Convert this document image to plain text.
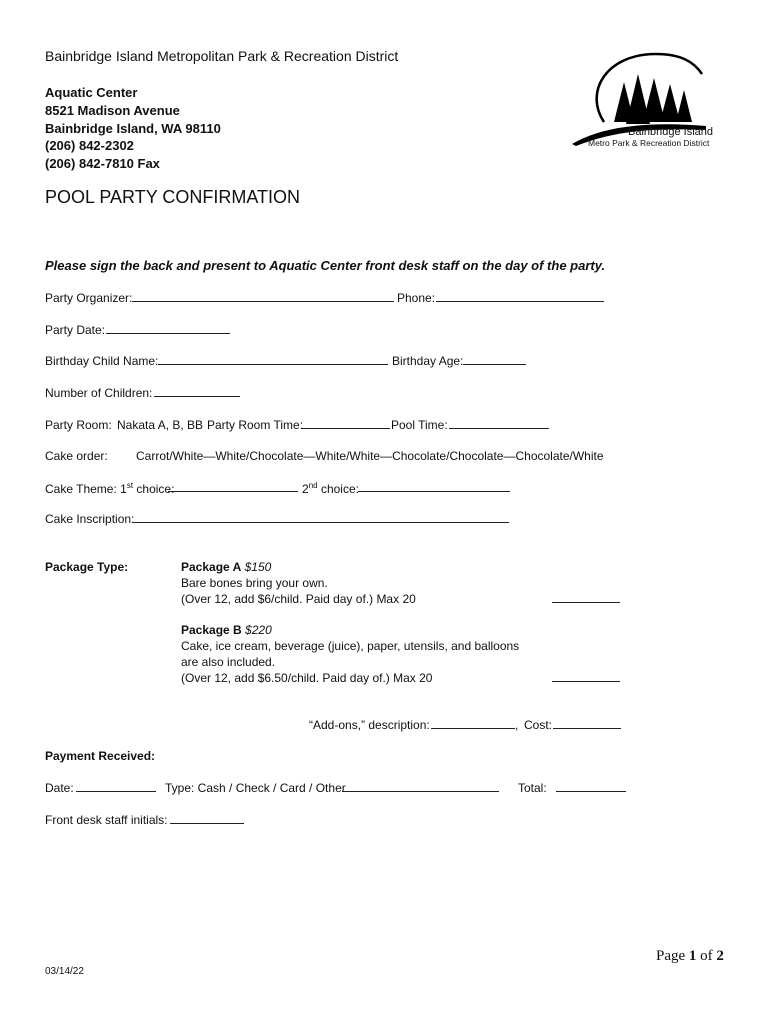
Bainbridge Island Metropolitan Park & Recreation District
Aquatic Center
8521 Madison Avenue
Bainbridge Island, WA 98110
(206) 842-2302
(206) 842-7810 Fax
Bainbridge Island
Metro Park & Recreation District
POOL PARTY CONFIRMATION
Please sign the back and present to Aquatic Center front desk staff on the day of the party.
Party Organizer:	Phone:
Party Date:
Birthday Child Name:	Birthday Age:
Number of Children:
Party Room: Nakata A, B, BB Party Room Time:	Pool Time:
Cake order: Carrot/White—White/Chocolate—White/White—Chocolate/Chocolate—Chocolate/White
Cake Theme: 1st choice:	2nd choice:
Cake Inscription:
Package Type:	Package A $150
Bare bones bring your own.
(Over 12, add $6/child. Paid day of.) Max 20
Package B $220
Cake, ice cream, beverage (juice), paper, utensils, and balloons
are also included.
(Over 12, add $6.50/child. Paid day of.) Max 20
“Add-ons,” description:	, Cost:
Payment Received:
Date:	Type: Cash / Check / Card / Other	Total:
Front desk staff initials:
Page 1 of 2
03/14/22
